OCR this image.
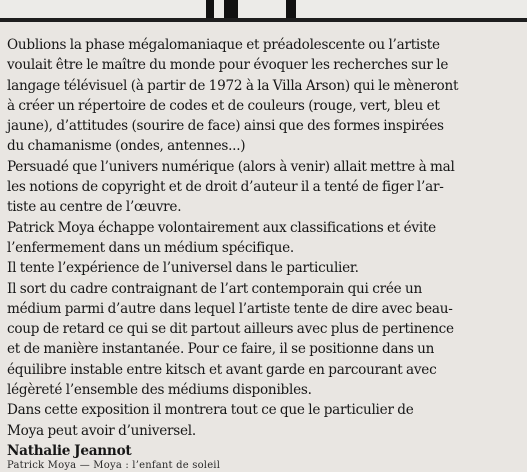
Oublions la phase mégalomaniaque et préadolescente ou l’artiste
voulait être le maître du monde pour évoquer les recherches sur le
langage télévisuel (à partir de 1972 à la Villa Arson) qui le mèneront
à créer un répertoire de codes et de couleurs (rouge, vert, bleu et
jaune), d’attitudes (sourire de face) ainsi que des formes inspirées
du chamanisme (ondes, antennes...)
Persuadé que l’univers numérique (alors à venir) allait mettre à mal
les notions de copyright et de droit d’auteur il a tenté de figer l’ar-
tiste au centre de l’œuvre.
Patrick Moya échappe volontairement aux classifications et évite
l’enfermement dans un médium spécifique.
Il tente l’expérience de l’universel dans le particulier.
Il sort du cadre contraignant de l’art contemporain qui crée un
médium parmi d’autre dans lequel l’artiste tente de dire avec beau-
coup de retard ce qui se dit partout ailleurs avec plus de pertinence
et de manière instantanée. Pour ce faire, il se positionne dans un
équilibre instable entre kitsch et avant garde en parcourant avec
légèreté l’ensemble des médiums disponibles.
Dans cette exposition il montrera tout ce que le particulier de
Moya peut avoir d’universel.
Nathalie Jeannot
Patrick Moya — Moya : l’enfant de soleil
